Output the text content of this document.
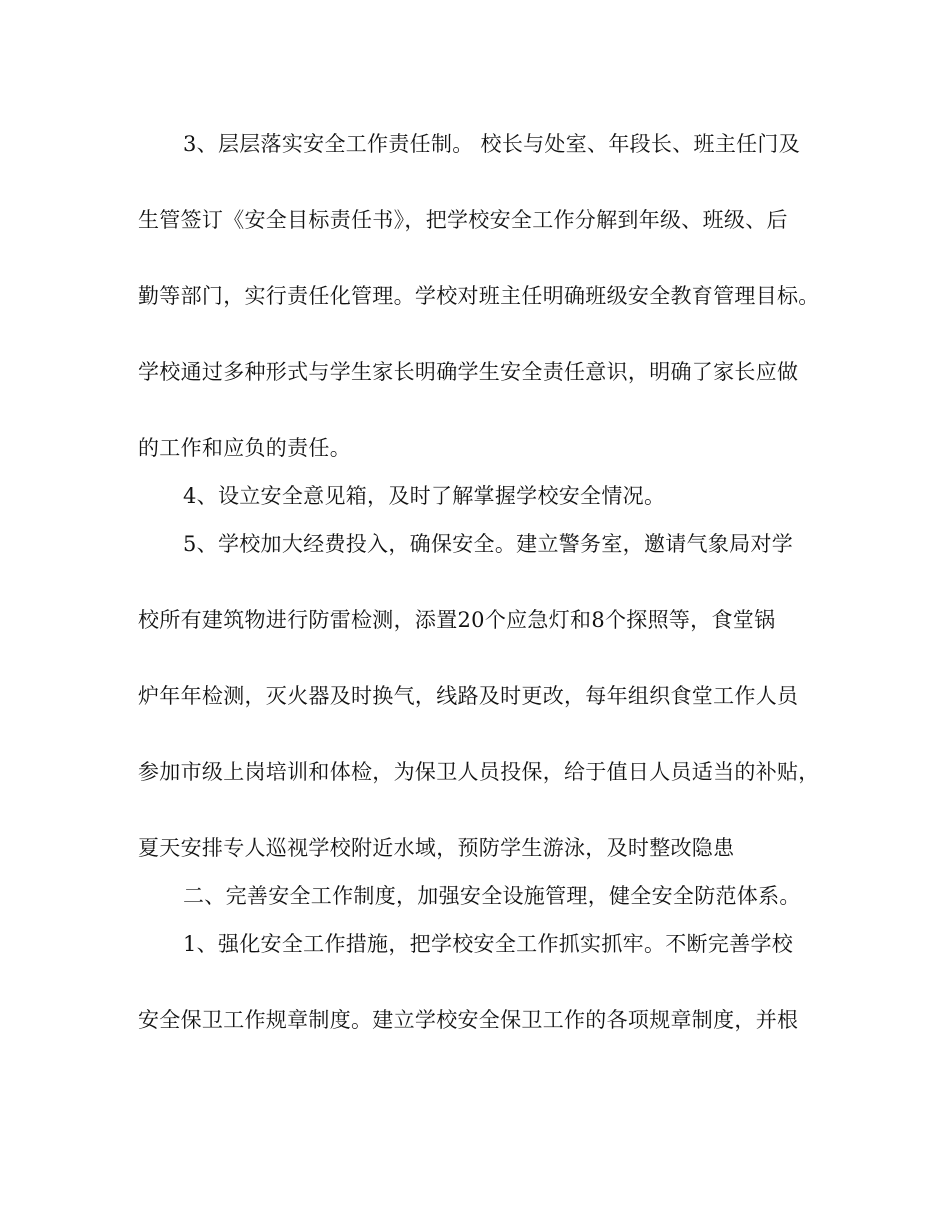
3、层层落实安全工作责任制。 校长与处室、年段长、班主任门及
生管签订《安全目标责任书》，把学校安全工作分解到年级、班级、后
勤等部门，实行责任化管理。学校对班主任明确班级安全教育管理目标。
学校通过多种形式与学生家长明确学生安全责任意识，明确了家长应做
的工作和应负的责任。
4、设立安全意见箱，及时了解掌握学校安全情况。
5、学校加大经费投入，确保安全。建立警务室，邀请气象局对学
校所有建筑物进行防雷检测，添置20个应急灯和8个探照等，食堂锅
炉年年检测，灭火器及时换气，线路及时更改，每年组织食堂工作人员
参加市级上岗培训和体检，为保卫人员投保，给于值日人员适当的补贴，
夏天安排专人巡视学校附近水域，预防学生游泳，及时整改隐患
二、完善安全工作制度，加强安全设施管理，健全安全防范体系。
1、强化安全工作措施，把学校安全工作抓实抓牢。不断完善学校
安全保卫工作规章制度。建立学校安全保卫工作的各项规章制度，并根
